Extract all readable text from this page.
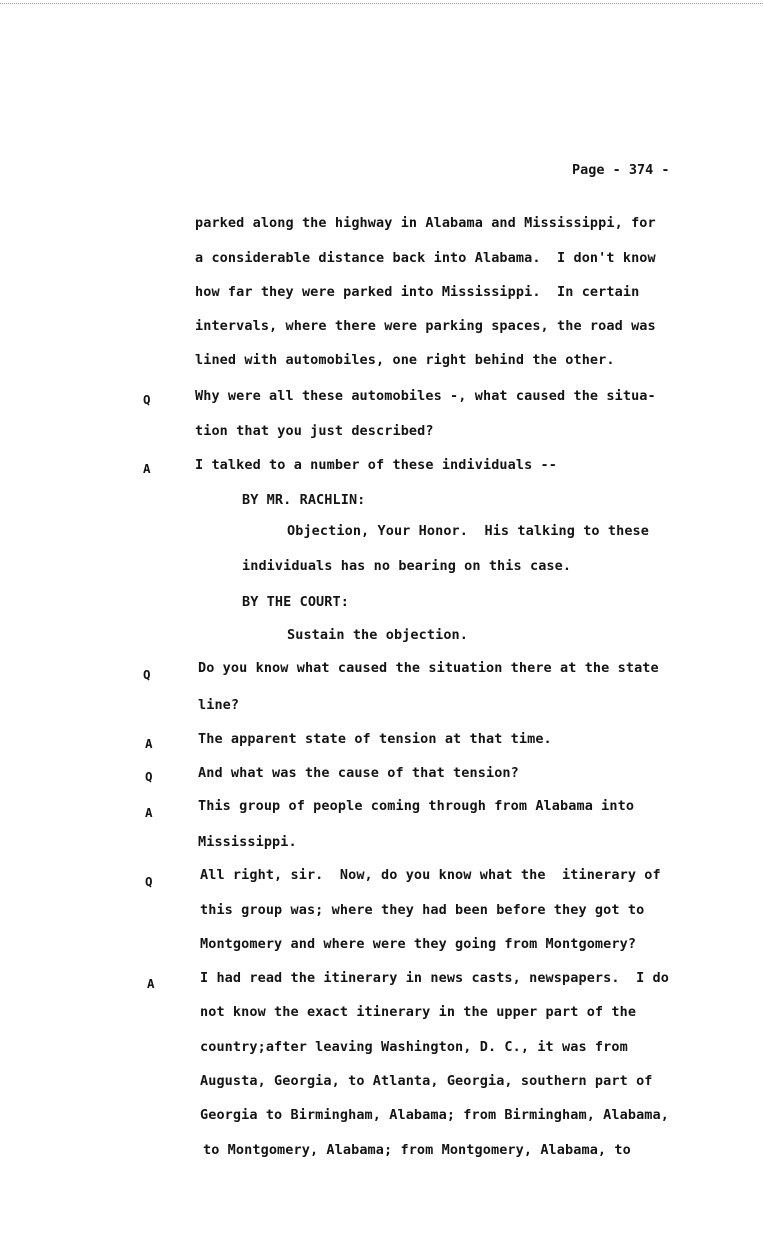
Page - 374 -
parked along the highway in Alabama and Mississippi, for
a considerable distance back into Alabama.  I don't know
how far they were parked into Mississippi.  In certain
intervals, where there were parking spaces, the road was
lined with automobiles, one right behind the other.
Q	Why were all these automobiles -, what caused the situa-
tion that you just described?
A	I talked to a number of these individuals --
BY MR. RACHLIN:
Objection, Your Honor.  His talking to these
individuals has no bearing on this case.
BY THE COURT:
Sustain the objection.
Q	Do you know what caused the situation there at the state
line?
A	The apparent state of tension at that time.
Q	And what was the cause of that tension?
A	This group of people coming through from Alabama into
Mississippi.
Q	All right, sir.  Now, do you know what the  itinerary of
this group was; where they had been before they got to
Montgomery and where were they going from Montgomery?
A	I had read the itinerary in news casts, newspapers.  I do
not know the exact itinerary in the upper part of the
country;after leaving Washington, D. C., it was from
Augusta, Georgia, to Atlanta, Georgia, southern part of
Georgia to Birmingham, Alabama; from Birmingham, Alabama,
to Montgomery, Alabama; from Montgomery, Alabama, to
